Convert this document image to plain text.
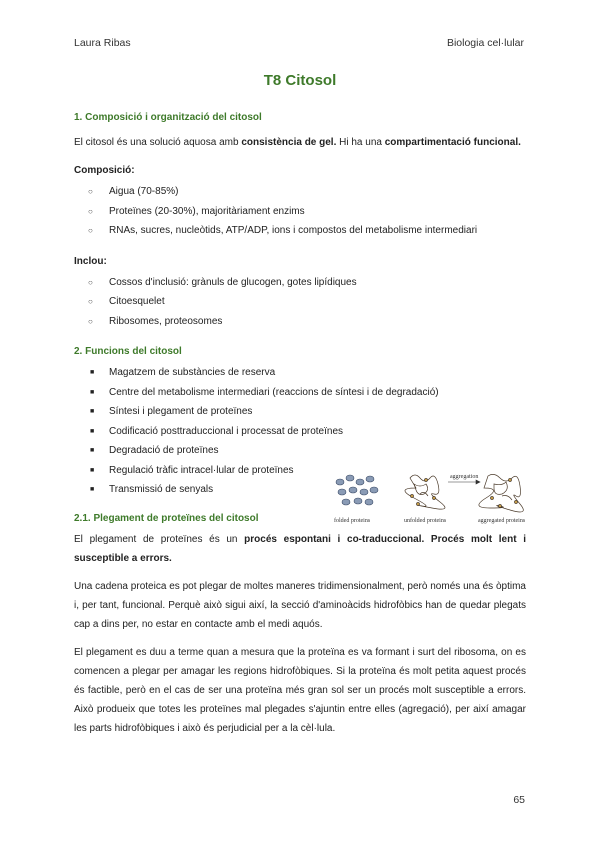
Laura Ribas	Biologia cel·lular
T8 Citosol
1. Composició i organització del citosol

El citosol és una solució aquosa amb consistència de gel. Hi ha una compartimentació funcional.

Composició:
○ Aigua (70-85%)
○ Proteïnes (20-30%), majoritàriament enzims
○ RNAs, sucres, nucleòtids, ATP/ADP, ions i compostos del metabolisme intermediari
Inclou:
○ Cossos d'inclusió: grànuls de glucogen, gotes lipídiques
○ Citoesquelet
○ Ribosomes, proteosomes
2. Funcions del citosol
■ Magatzem de substàncies de reserva
■ Centre del metabolisme intermediari (reaccions de síntesi i de degradació)
■ Síntesi i plegament de proteïnes
■ Codificació posttraduccional i processat de proteïnes
■ Degradació de proteïnes
■ Regulació tràfic intracel·lular de proteïnes
■ Transmissió de senyals
2.1. Plegament de proteïnes del citosol

El plegament de proteïnes és un procés espontani i co-traduccional. Procés molt lent i susceptible a errors.

Una cadena proteica es pot plegar de moltes maneres tridimensionalment, però només una és òptima i, per tant, funcional. Perquè això sigui així, la secció d'aminoàcids hidrofòbics han de quedar plegats cap a dins per, no estar en contacte amb el medi aquós.

El plegament es duu a terme quan a mesura que la proteïna es va formant i surt del ribosoma, on es comencen a plegar per amagar les regions hidrofòbiques. Si la proteïna és molt petita aquest procés és factible, però en el cas de ser una proteïna més gran sol ser un procés molt susceptible a errors. Això produeix que totes les proteïnes mal plegades s'ajuntin entre elles (agregació), per així amagar les parts hidrofòbiques i això és perjudicial per a la cèl·lula.

aggregation
folded proteins	unfolded proteins	aggregated proteins
65
